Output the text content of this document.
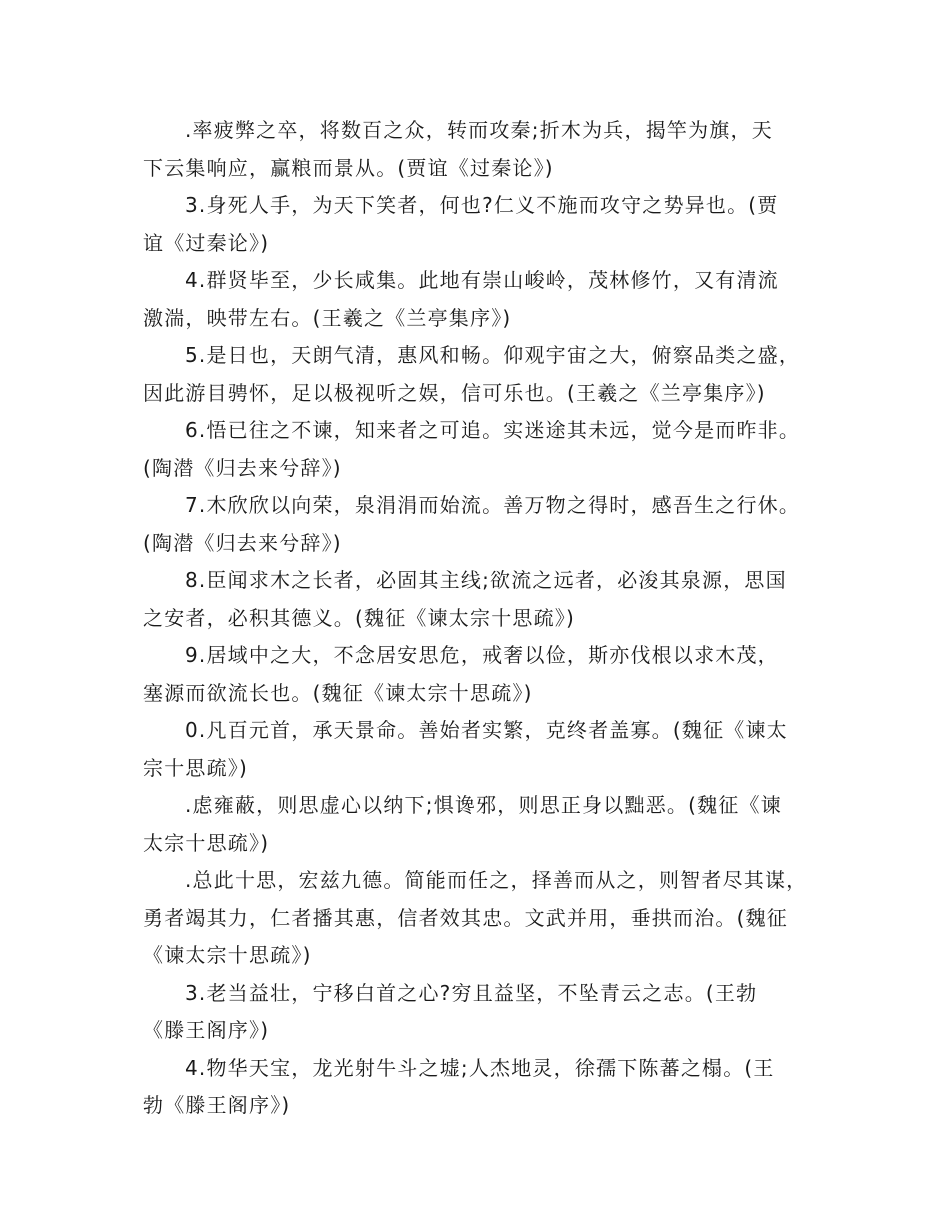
.率疲弊之卒，将数百之众，转而攻秦;折木为兵，揭竿为旗，天
下云集响应，赢粮而景从。(贾谊《过秦论》)

3.身死人手，为天下笑者，何也?仁义不施而攻守之势异也。(贾
谊《过秦论》)

4.群贤毕至，少长咸集。此地有崇山峻岭，茂林修竹，又有清流
激湍，映带左右。(王羲之《兰亭集序》)

5.是日也，天朗气清，惠风和畅。仰观宇宙之大，俯察品类之盛，
因此游目骋怀，足以极视听之娱，信可乐也。(王羲之《兰亭集序》)

6.悟已往之不谏，知来者之可追。实迷途其未远，觉今是而昨非。
(陶潜《归去来兮辞》)

7.木欣欣以向荣，泉涓涓而始流。善万物之得时，感吾生之行休。
(陶潜《归去来兮辞》)

8.臣闻求木之长者，必固其主线;欲流之远者，必浚其泉源，思国
之安者，必积其德义。(魏征《谏太宗十思疏》)

9.居域中之大，不念居安思危，戒奢以俭，斯亦伐根以求木茂，
塞源而欲流长也。(魏征《谏太宗十思疏》)

0.凡百元首，承天景命。善始者实繁，克终者盖寡。(魏征《谏太
宗十思疏》)

.虑雍蔽，则思虚心以纳下;惧谗邪，则思正身以黜恶。(魏征《谏
太宗十思疏》)

.总此十思，宏兹九德。简能而任之，择善而从之，则智者尽其谋，
勇者竭其力，仁者播其惠，信者效其忠。文武并用，垂拱而治。(魏征
《谏太宗十思疏》)

3.老当益壮，宁移白首之心?穷且益坚，不坠青云之志。(王勃
《滕王阁序》)

4.物华天宝，龙光射牛斗之墟;人杰地灵，徐孺下陈蕃之榻。(王
勃《滕王阁序》)
